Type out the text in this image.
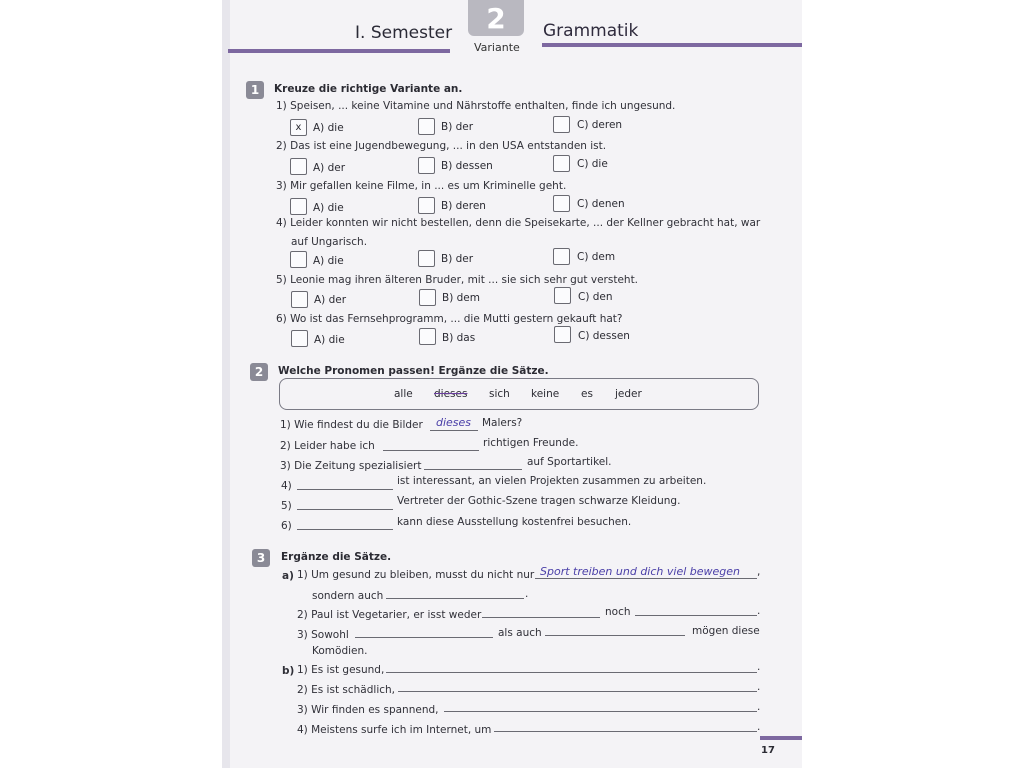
I. Semester	2
Variante
Grammatik
1	Kreuze die richtige Variante an.
1) Speisen, ... keine Vitamine und Nährstoffe enthalten, finde ich ungesund.
x	A) die	B) der	C) deren
2) Das ist eine Jugendbewegung, ... in den USA entstanden ist.
A) der	B) dessen	C) die
3) Mir gefallen keine Filme, in ... es um Kriminelle geht.
A) die	B) deren	C) denen
4) Leider konnten wir nicht bestellen, denn die Speisekarte, ... der Kellner gebracht hat, war
auf Ungarisch.
A) die	B) der	C) dem
5) Leonie mag ihren älteren Bruder, mit ... sie sich sehr gut versteht.
A) der	B) dem	C) den
6) Wo ist das Fernsehprogramm, ... die Mutti gestern gekauft hat?
A) die	B) das	C) dessen
2	Welche Pronomen passen! Ergänze die Sätze.
alle dieses sich keine es jeder
1) Wie findest du die Bilder dieses Malers?
2) Leider habe ich	richtigen Freunde.
3) Die Zeitung spezialisiert	auf Sportartikel.
4)	ist interessant, an vielen Projekten zusammen zu arbeiten.
5)	Vertreter der Gothic-Szene tragen schwarze Kleidung.
6)	kann diese Ausstellung kostenfrei besuchen.
3	Ergänze die Sätze.
a) 1) Um gesund zu bleiben, musst du nicht nur Sport treiben und dich viel bewegen ,
sondern auch	.
2) Paul ist Vegetarier, er isst weder	noch	.
3) Sowohl	als auch	mögen diese
Komödien.
b) 1) Es ist gesund,	.
2) Es ist schädlich,	.
3) Wir finden es spannend,	.
4) Meistens surfe ich im Internet, um	.
17
